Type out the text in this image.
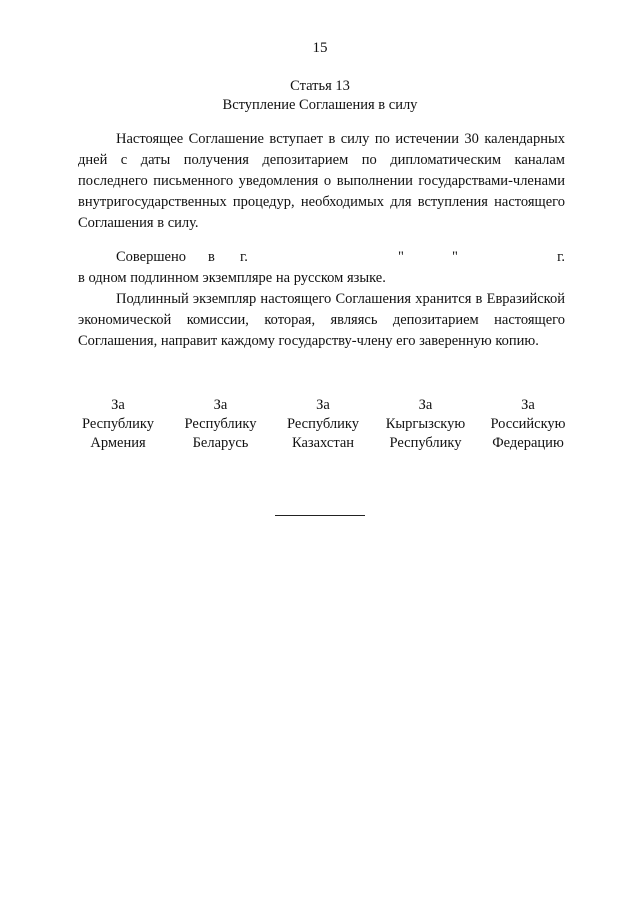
15
Статья 13
Вступление Соглашения в силу
Настоящее Соглашение вступает в силу по истечении 30 календарных дней с даты получения депозитарием по дипломатическим каналам последнего письменного уведомления о выполнении государствами-членами внутригосударственных процедур, необходимых для вступления настоящего Соглашения в силу.
Совершено в г.	"	"	г.
в одном подлинном экземпляре на русском языке.
Подлинный экземпляр настоящего Соглашения хранится в Евразийской экономической комиссии, которая, являясь депозитарием настоящего Соглашения, направит каждому государству-члену его заверенную копию.
За
Республику
Армения
За
Республику
Беларусь
За
Республику
Казахстан
За
Кыргызскую
Республику
За
Российскую
Федерацию
